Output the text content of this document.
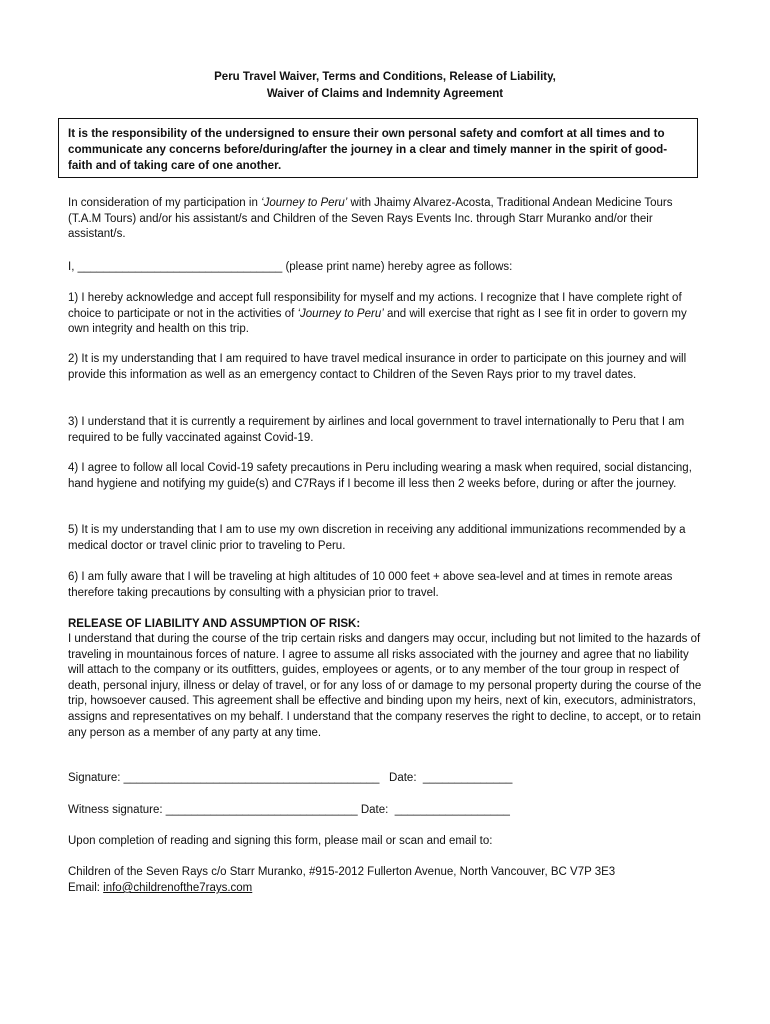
Peru Travel Waiver, Terms and Conditions, Release of Liability,
Waiver of Claims and Indemnity Agreement
It is the responsibility of the undersigned to ensure their own personal safety and comfort at all times and to communicate any concerns before/during/after the journey in a clear and timely manner in the spirit of good-faith and of taking care of one another.

In consideration of my participation in ‘Journey to Peru’ with Jhaimy Alvarez-Acosta, Traditional Andean Medicine Tours (T.A.M Tours) and/or his assistant/s and Children of the Seven Rays Events Inc. through Starr Muranko and/or their assistant/s.

I, ________________________________ (please print name) hereby agree as follows:

1) I hereby acknowledge and accept full responsibility for myself and my actions. I recognize that I have complete right of choice to participate or not in the activities of ‘Journey to Peru’ and will exercise that right as I see fit in order to govern my own integrity and health on this trip.

2) It is my understanding that I am required to have travel medical insurance in order to participate on this journey and will provide this information as well as an emergency contact to Children of the Seven Rays prior to my travel dates.

3) I understand that it is currently a requirement by airlines and local government to travel internationally to Peru that I am required to be fully vaccinated against Covid-19.

4) I agree to follow all local Covid-19 safety precautions in Peru including wearing a mask when required, social distancing, hand hygiene and notifying my guide(s) and C7Rays if I become ill less then 2 weeks before, during or after the journey.

5) It is my understanding that I am to use my own discretion in receiving any additional immunizations recommended by a medical doctor or travel clinic prior to traveling to Peru.

6) I am fully aware that I will be traveling at high altitudes of 10 000 feet + above sea-level and at times in remote areas therefore taking precautions by consulting with a physician prior to travel.

RELEASE OF LIABILITY AND ASSUMPTION OF RISK:
I understand that during the course of the trip certain risks and dangers may occur, including but not limited to the hazards of traveling in mountainous forces of nature. I agree to assume all risks associated with the journey and agree that no liability will attach to the company or its outfitters, guides, employees or agents, or to any member of the tour group in respect of death, personal injury, illness or delay of travel, or for any loss of or damage to my personal property during the course of the trip, howsoever caused. This agreement shall be effective and binding upon my heirs, next of kin, executors, administrators, assigns and representatives on my behalf. I understand that the company reserves the right to decline, to accept, or to retain any person as a member of any party at any time.
Signature: ________________________________________   Date:  ______________
Witness signature: ______________________________ Date:  __________________
Upon completion of reading and signing this form, please mail or scan and email to:
Children of the Seven Rays c/o Starr Muranko, #915-2012 Fullerton Avenue, North Vancouver, BC V7P 3E3
Email: info@childrenofthe7rays.com
